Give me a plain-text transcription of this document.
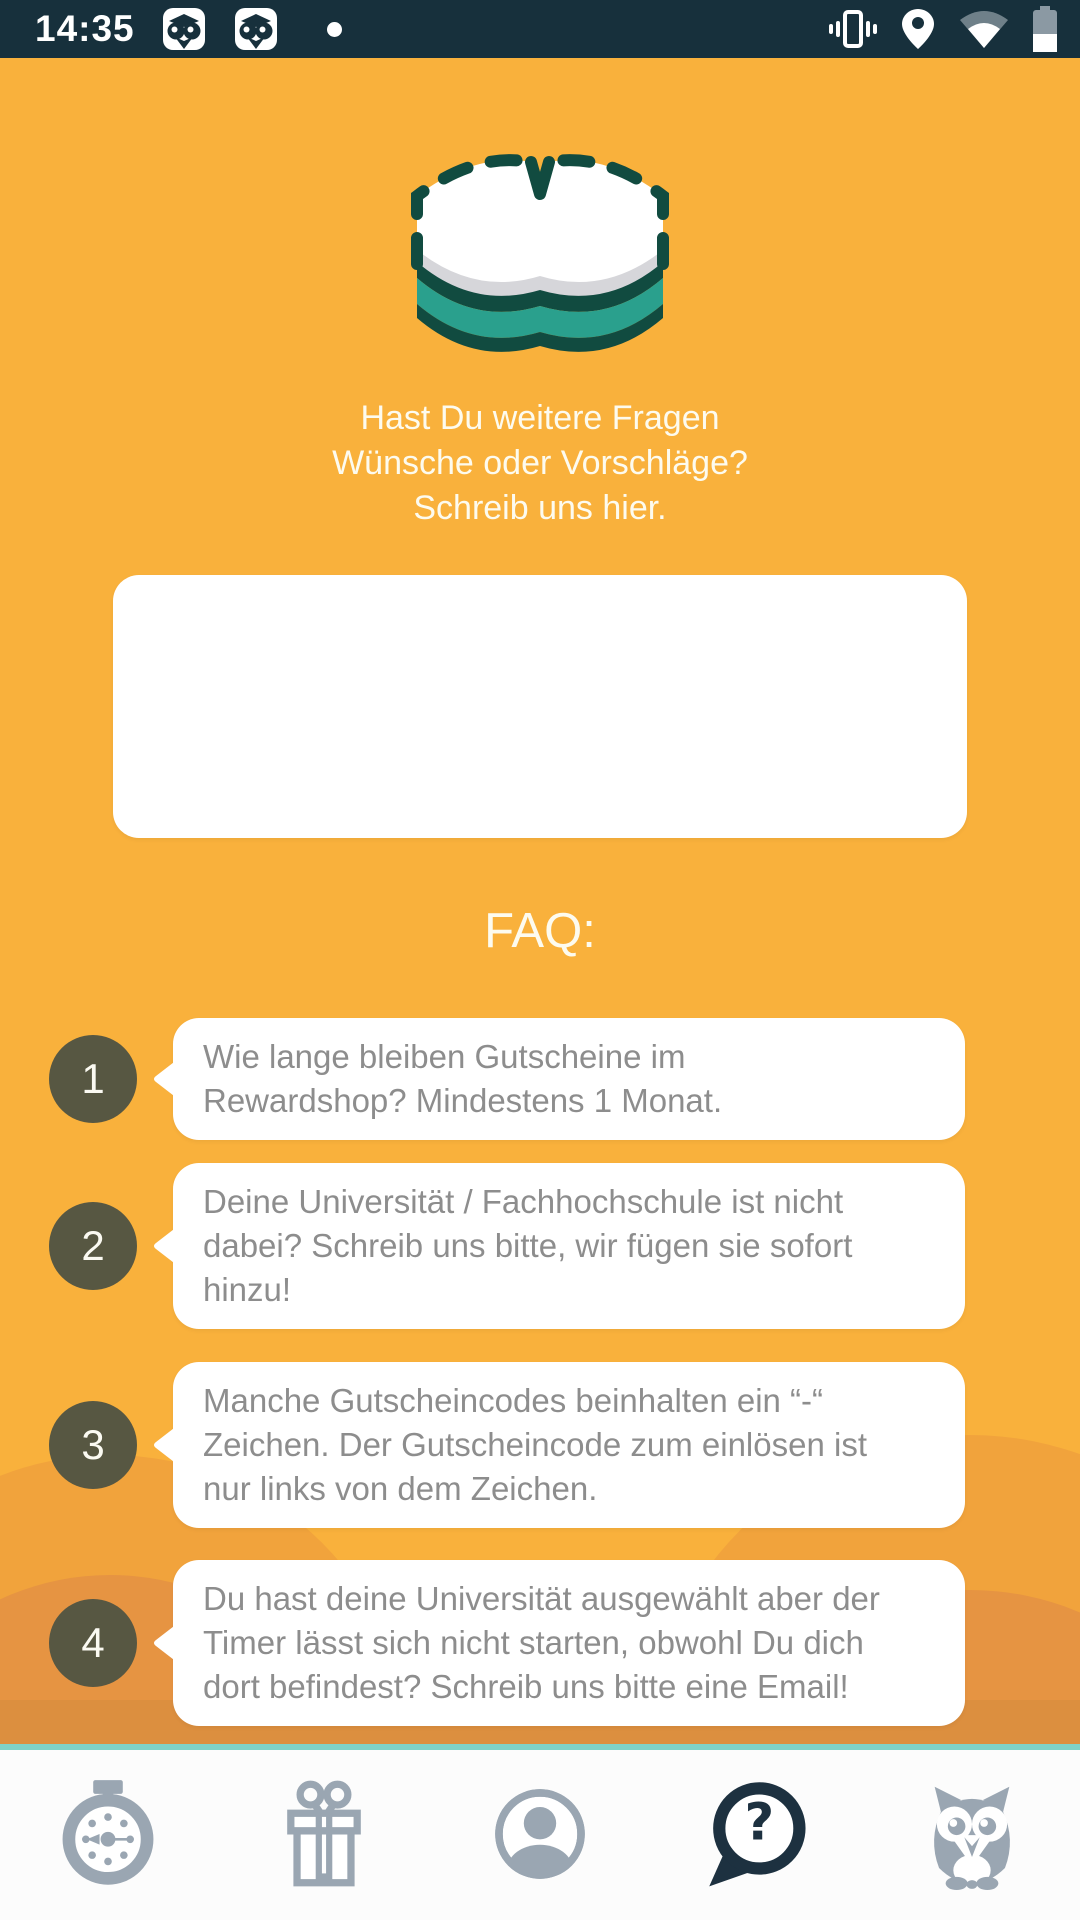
14:35
Hast Du weitere Fragen
Wünsche oder Vorschläge?
Schreib uns hier.
FAQ:
1	Wie lange bleiben Gutscheine im
Rewardshop? Mindestens 1 Monat.
2
Deine Universität / Fachhochschule ist nicht
dabei? Schreib uns bitte, wir fügen sie sofort
hinzu!
3
Manche Gutscheincodes beinhalten ein “-“
Zeichen. Der Gutscheincode zum einlösen ist
nur links von dem Zeichen.
4
Du hast deine Universität ausgewählt aber der
Timer lässt sich nicht starten, obwohl Du dich
dort befindest? Schreib uns bitte eine Email!
?
